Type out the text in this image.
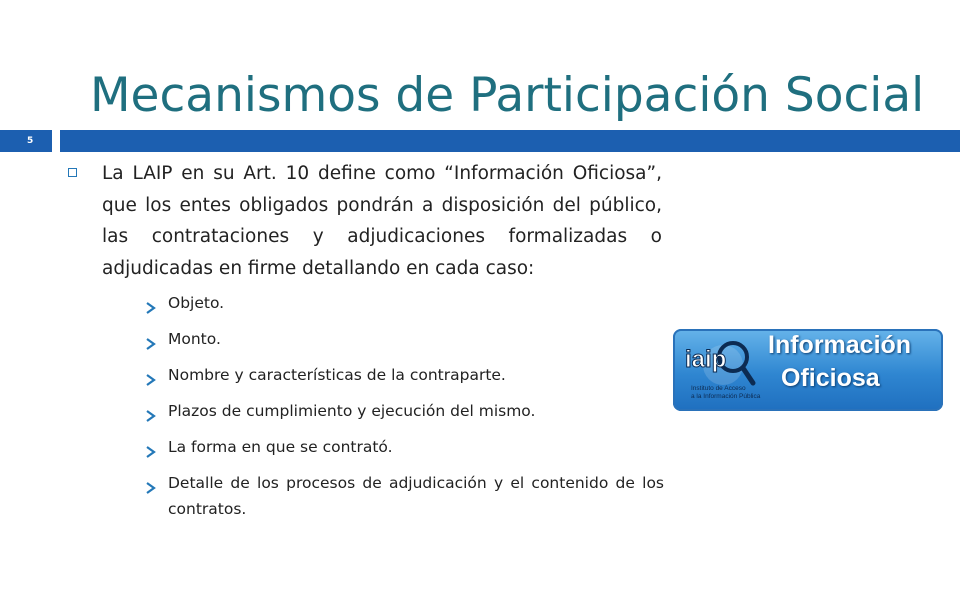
Mecanismos de Participación Social
5
La LAIP en su Art. 10 define como “Información Oficiosa”, que los entes obligados pondrán a disposición del público, las contrataciones y adjudicaciones formalizadas o adjudicadas en firme detallando en cada caso:
Objeto.
Monto.
Nombre y características de la contraparte.
Plazos de cumplimiento y ejecución del mismo.
La forma en que se contrató.
Detalle de los procesos de adjudicación y el contenido de los contratos.
iaip
Instituto de Acceso
a la Información Pública
Información
Oficiosa
